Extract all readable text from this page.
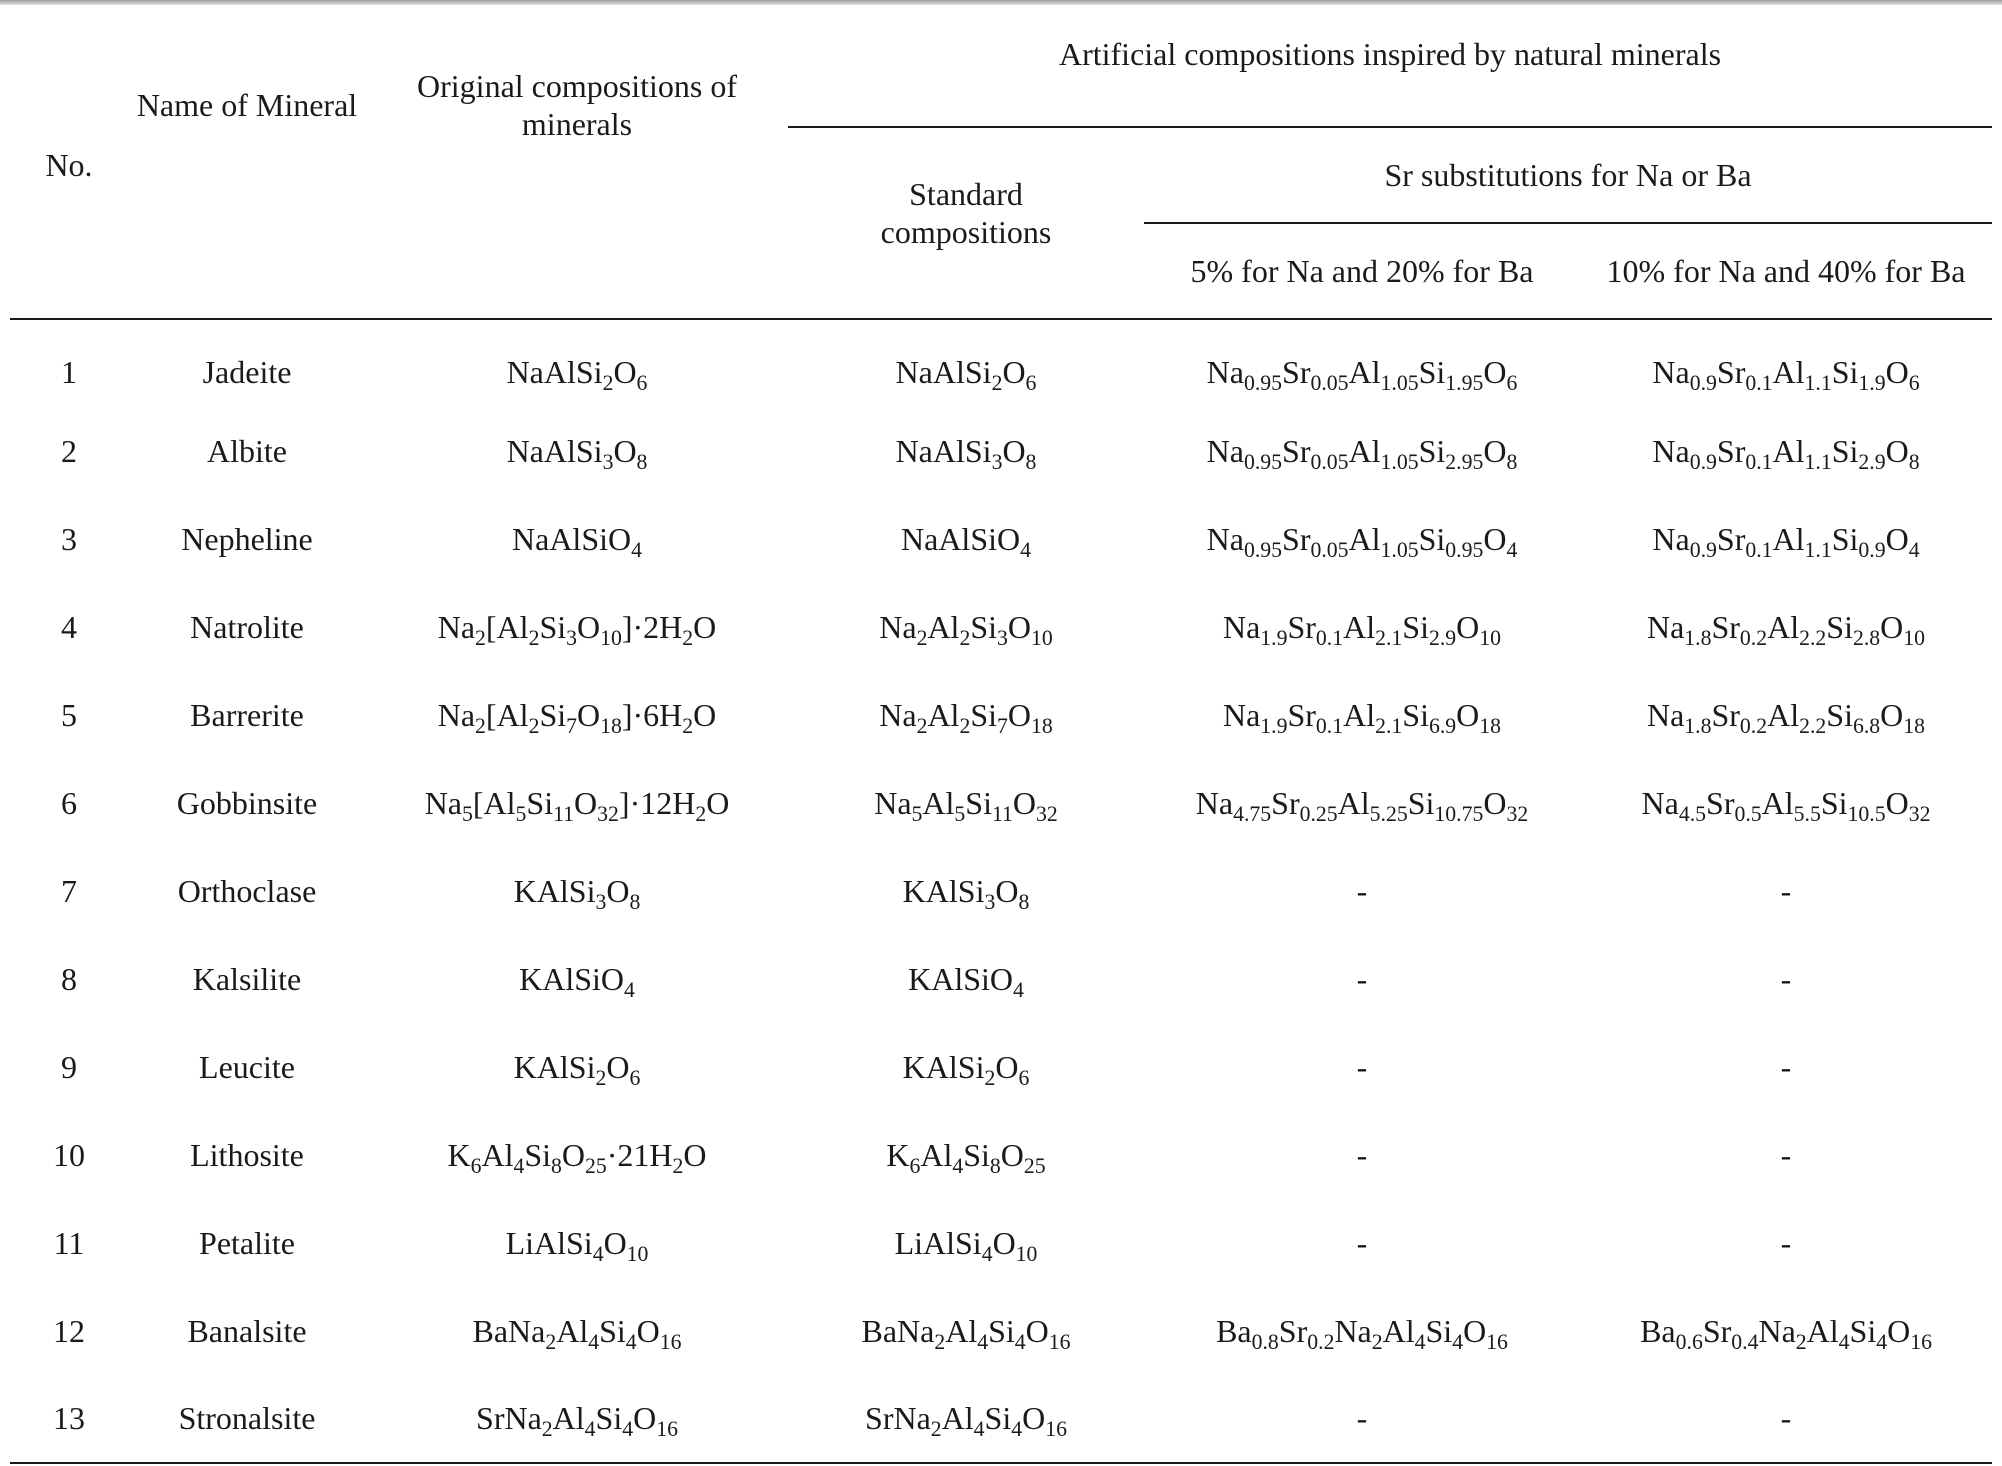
No.	Name of Mineral	Original compositions of minerals	Artificial compositions inspired by natural minerals		
			Standard compositions	Sr substitutions for Na or Ba	
				5% for Na and 20% for Ba	10% for Na and 40% for Ba
1	Jadeite	$NaAlSi_2O_6$	$NaAlSi_2O_6$	$Na_{0.95}Sr_{0.05}Al_{1.05}Si_{1.95}O_6$	$Na_{0.9}Sr_{0.1}Al_{1.1}Si_{1.9}O_6$
2	Albite	$NaAlSi_3O_8$	$NaAlSi_3O_8$	$Na_{0.95}Sr_{0.05}Al_{1.05}Si_{2.95}O_8$	$Na_{0.9}Sr_{0.1}Al_{1.1}Si_{2.9}O_8$
3	Nepheline	NaAlSiO$_4$	NaAlSiO$_4$	$Na_{0.95}Sr_{0.05}Al_{1.05}Si_{0.95}O_4$	$Na_{0.9}Sr_{0.1}Al_{1.1}Si_{0.9}O_4$
4	Natrolite	$Na_2[Al_2Si_3O_{10}]\cdot 2H_2O$	$Na_2Al_2Si_3O_{10}$	$Na_{1.9}Sr_{0.1}Al_{2.1}Si_{2.9}O_{10}$	$Na_{1.8}Sr_{0.2}Al_{2.2}Si_{2.8}O_{10}$
5	Barrerite	$Na_2[Al_2Si_7O_{18}]\cdot 6H_2O$	$Na_2Al_2Si_7O_{18}$	$Na_{1.9}Sr_{0.1}Al_{2.1}Si_{6.9}O_{18}$	$Na_{1.8}Sr_{0.2}Al_{2.2}Si_{6.8}O_{18}$
6	Gobbinsite	$Na_5[Al_5Si_{11}O_{32}]\cdot 12H_2O$	$Na_5Al_5Si_{11}O_{32}$	$Na_{4.75}Sr_{0.25}Al_{5.25}Si_{10.75}O_{32}$	$Na_{4.5}Sr_{0.5}Al_{5.5}Si_{10.5}O_{32}$
7	Orthoclase	$KAlSi_3O_8$	$KAlSi_3O_8$	-	-
8	Kalsilite	KAlSiO$_4$	KAlSiO$_4$	-	-
9	Leucite	$KAlSi_2O_6$	$KAlSi_2O_6$	-	-
10	Lithosite	$K_6Al_4Si_8O_{25}\cdot 21H_2O$	$K_6Al_4Si_8O_{25}$	-	-
11	Petalite	$LiAlSi_4O_{10}$	$LiAlSi_4O_{10}$	-	-
12	Banalsite	$BaNa_2Al_4Si_4O_{16}$	$BaNa_2Al_4Si_4O_{16}$	$Ba_{0.8}Sr_{0.2}Na_2Al_4Si_4O_{16}$	$Ba_{0.6}Sr_{0.4}Na_2Al_4Si_4O_{16}$
13	Stronalsite	$SrNa_2Al_4Si_4O_{16}$	$SrNa_2Al_4Si_4O_{16}$	-	-
